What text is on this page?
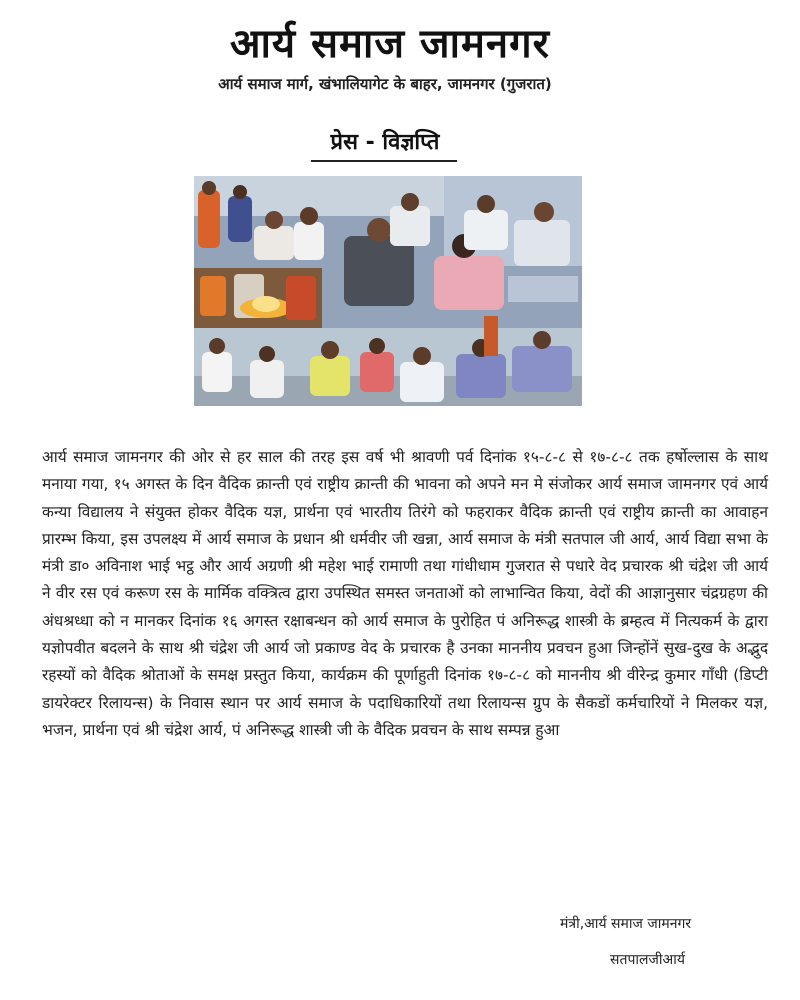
आर्य समाज जामनगर
आर्य समाज मार्ग, खंभालियागेट के बाहर, जामनगर (गुजरात)
प्रेस - विज्ञप्ति

आर्य समाज जामनगर की ओर से हर साल की तरह इस वर्ष भी श्रावणी पर्व दिनांक १५-८-८ से १७-८-८ तक हर्षोल्लास के साथ मनाया गया, १५ अगस्त के दिन वैदिक क्रान्ती एवं राष्ट्रीय क्रान्ती की भावना को अपने मन मे संजोकर आर्य समाज जामनगर एवं आर्य कन्या विद्यालय ने संयुक्त होकर वैदिक यज्ञ, प्रार्थना एवं भारतीय तिरंगे को फहराकर वैदिक क्रान्ती एवं राष्ट्रीय क्रान्ती का आवाहन प्रारम्भ किया, इस उपलक्ष्य में आर्य समाज के प्रधान श्री धर्मवीर जी खन्ना, आर्य समाज के मंत्री सतपाल जी आर्य, आर्य विद्या सभा के मंत्री डा० अविनाश भाई भट्ठ और आर्य अग्रणी श्री महेश भाई रामाणी तथा गांधीधाम गुजरात से पधारे वेद प्रचारक श्री चंद्रेश जी आर्य ने वीर रस एवं करूण रस के मार्मिक वक्त्रित्व द्वारा उपस्थित समस्त जनताओं को लाभान्वित किया, वेदों की आज्ञानुसार चंद्रग्रहण की अंधश्रध्धा को न मानकर दिनांक १६ अगस्त रक्षाबन्धन को आर्य समाज के पुरोहित पं अनिरूद्ध शास्त्री के ब्रम्हत्व में नित्यकर्म के द्वारा यज्ञोपवीत बदलने के साथ श्री चंद्रेश जी आर्य जो प्रकाण्ड वेद के प्रचारक है उनका माननीय प्रवचन हुआ जिन्होंनें सुख-दुख के अद्भुद रहस्यों को वैदिक श्रोताओं के समक्ष प्रस्तुत किया, कार्यक्रम की पूर्णाहुती दिनांक १७-८-८ को माननीय श्री वीरेन्द्र कुमार गाँधी (डिप्टी डायरेक्टर रिलायन्स) के निवास स्थान पर आर्य समाज के पदाधिकारियों तथा रिलायन्स ग्रुप के सैकडों कर्मचारियों ने मिलकर यज्ञ, भजन, प्रार्थना एवं श्री चंद्रेश आर्य, पं अनिरूद्ध शास्त्री जी के वैदिक प्रवचन के साथ सम्पन्न हुआ

मंत्री,आर्य समाज जामनगर
सतपालजीआर्य
